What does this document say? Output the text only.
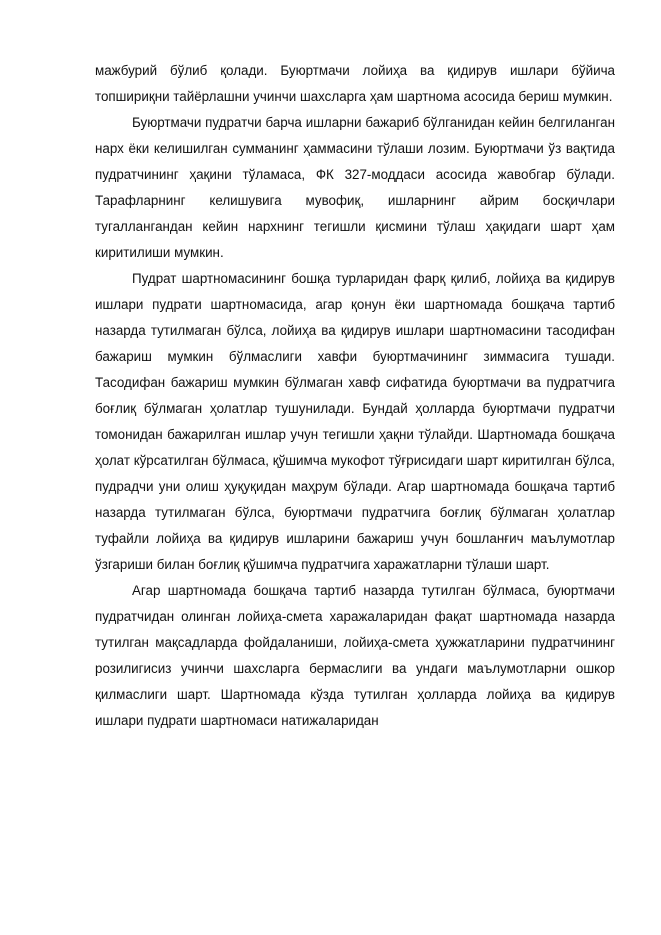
мажбурий бўлиб қолади. Буюртмачи лойиҳа ва қидирув ишлари бўйича топшириқни тайёрлашни учинчи шахсларга ҳам шартнома асосида бериш мумкин.

Буюртмачи пудратчи барча ишларни бажариб бўлганидан кейин белгиланган нарх ёки келишилган сумманинг ҳаммасини тўлаши лозим. Буюртмачи ўз вақтида пудратчининг ҳақини тўламаса, ФК 327-моддаси асосида жавобгар бўлади. Тарафларнинг келишувига мувофиқ, ишларнинг айрим босқичлари тугаллангандан кейин нархнинг тегишли қисмини тўлаш ҳақидаги шарт ҳам киритилиши мумкин.

Пудрат шартномасининг бошқа турларидан фарқ қилиб, лойиҳа ва қидирув ишлари пудрати шартномасида, агар қонун ёки шартномада бошқача тартиб назарда тутилмаган бўлса, лойиҳа ва қидирув ишлари шартномасини тасодифан бажариш мумкин бўлмаслиги хавфи буюртмачининг зиммасига тушади. Тасодифан бажариш мумкин бўлмаган хавф сифатида буюртмачи ва пудратчига боғлиқ бўлмаган ҳолатлар тушунилади. Бундай ҳолларда буюртмачи пудратчи томонидан бажарилган ишлар учун тегишли ҳақни тўлайди. Шартномада бошқача ҳолат кўрсатилган бўлмаса, қўшимча мукофот тўғрисидаги шарт киритилган бўлса, пудрадчи уни олиш ҳуқуқидан маҳрум бўлади. Агар шартномада бошқача тартиб назарда тутилмаган бўлса, буюртмачи пудратчига боғлиқ бўлмаган ҳолатлар туфайли лойиҳа ва қидирув ишларини бажариш учун бошланғич маълумотлар ўзгариши билан боғлиқ қўшимча пудратчига харажатларни тўлаши шарт.

Агар шартномада бошқача тартиб назарда тутилган бўлмаса, буюртмачи пудратчидан олинган лойиҳа-смета харажаларидан фақат шартномада назарда тутилган мақсадларда фойдаланиши, лойиҳа-смета ҳужжатларини пудратчининг розилигисиз учинчи шахсларга бермаслиги ва ундаги маълумотларни ошкор қилмаслиги шарт. Шартномада кўзда тутилган ҳолларда лойиҳа ва қидирув ишлари пудрати шартномаси натижаларидан
